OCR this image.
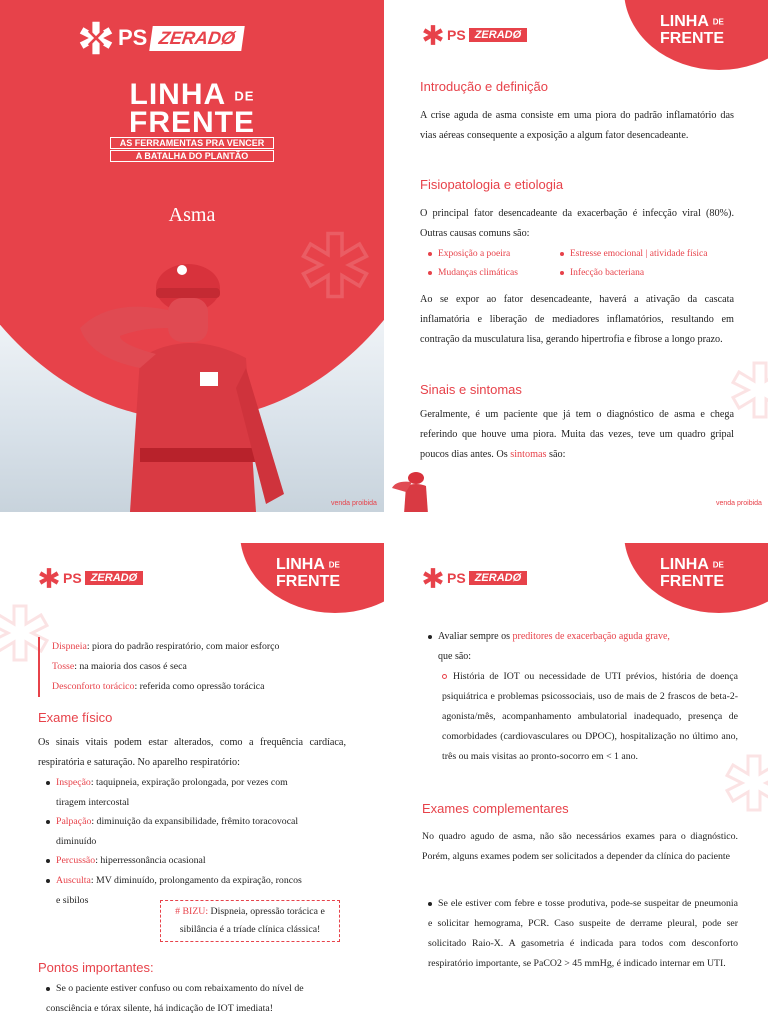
PS ZERADØ
LINHA DE
FRENTE
AS FERRAMENTAS PRA VENCER
A BATALHA DO PLANTÃO
Asma
venda proibida
LINHA DE
FRENTE
PS ZERADØ
Introdução e definição
A crise aguda de asma consiste em uma piora do padrão inflamatório das vias aéreas consequente a exposição a algum fator desencadeante.
Fisiopatologia e etiologia
O principal fator desencadeante da exacerbação é infecção viral (80%). Outras causas comuns são:
Exposição a poeira	Estresse emocional | atividade física
Mudanças climáticas	Infecção bacteriana
Ao se expor ao fator desencadeante, haverá a ativação da cascata inflamatória e liberação de mediadores inflamatórios, resultando em contração da musculatura lisa, gerando hipertrofia e fibrose a longo prazo.
Sinais e sintomas
Geralmente, é um paciente que já tem o diagnóstico de asma e chega referindo que houve uma piora. Muita das vezes, teve um quadro gripal poucos dias antes. Os sintomas são:
venda proibida
LINHA DE
FRENTE
PS ZERADØ
Dispneia: piora do padrão respiratório, com maior esforço
Tosse: na maioria dos casos é seca
Desconforto torácico: referida como opressão torácica
Exame físico
Os sinais vitais podem estar alterados, como a frequência cardíaca, respiratória e saturação. No aparelho respiratório:
Inspeção: taquipneia, expiração prolongada, por vezes com
tiragem intercostal
Palpação: diminuição da expansibilidade, frêmito toracovocal
diminuído
Percussão: hiperressonância ocasional
Ausculta: MV diminuído, prolongamento da expiração, roncos
e sibilos
# BIZU: Dispneia, opressão torácica e sibilância é a tríade clínica clássica!
Pontos importantes:
Se o paciente estiver confuso ou com rebaixamento do nível de consciência e tórax silente, há indicação de IOT imediata!
LINHA DE
FRENTE
PS ZERADØ
Avaliar sempre os preditores de exacerbação aguda grave,
que são:
História de IOT ou necessidade de UTI prévios, história de doença psiquiátrica e problemas psicossociais, uso de mais de 2 frascos de beta-2-agonista/mês, acompanhamento ambulatorial inadequado, presença de comorbidades (cardiovasculares ou DPOC), hospitalização no último ano, três ou mais visitas ao pronto-socorro em < 1 ano.
Exames complementares
No quadro agudo de asma, não são necessários exames para o diagnóstico. Porém, alguns exames podem ser solicitados a depender da clínica do paciente
Se ele estiver com febre e tosse produtiva, pode-se suspeitar de pneumonia e solicitar hemograma, PCR. Caso suspeite de derrame pleural, pode ser solicitado Raio-X. A gasometria é indicada para todos com desconforto respiratório importante, se PaCO2 > 45 mmHg, é indicado internar em UTI.
